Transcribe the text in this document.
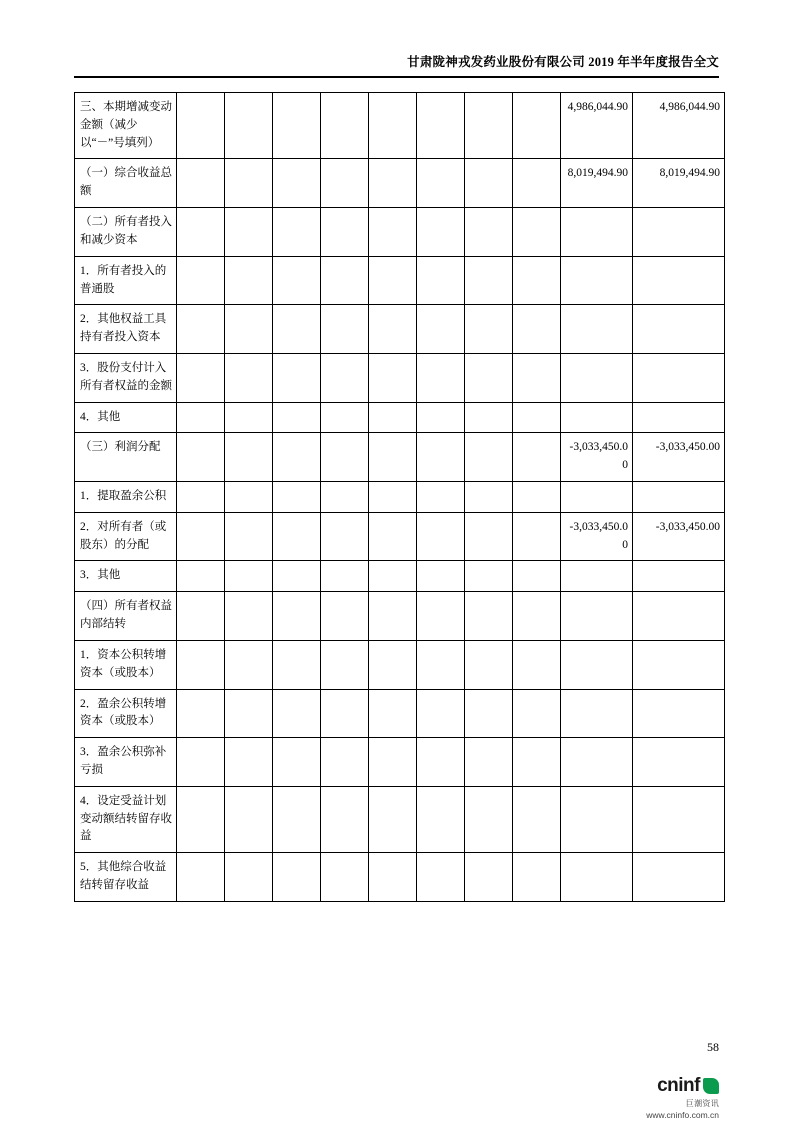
甘肃陇神戎发药业股份有限公司 2019 年半年度报告全文
三、本期增减变动金额（减少以“－”号填列）									4,986,044.90	4,986,044.90
（一）综合收益总额									8,019,494.90	8,019,494.90
（二）所有者投入和减少资本										
1．所有者投入的普通股										
2．其他权益工具持有者投入资本										
3．股份支付计入所有者权益的金额										
4．其他										
（三）利润分配									-3,033,450.00	-3,033,450.00
1．提取盈余公积										
2．对所有者（或股东）的分配									-3,033,450.00	-3,033,450.00
3．其他										
（四）所有者权益内部结转										
1．资本公积转增资本（或股本）										
2．盈余公积转增资本（或股本）										
3．盈余公积弥补亏损										
4．设定受益计划变动额结转留存收益										
5．其他综合收益结转留存收益										
58
cninf
巨潮资讯
www.cninfo.com.cn
